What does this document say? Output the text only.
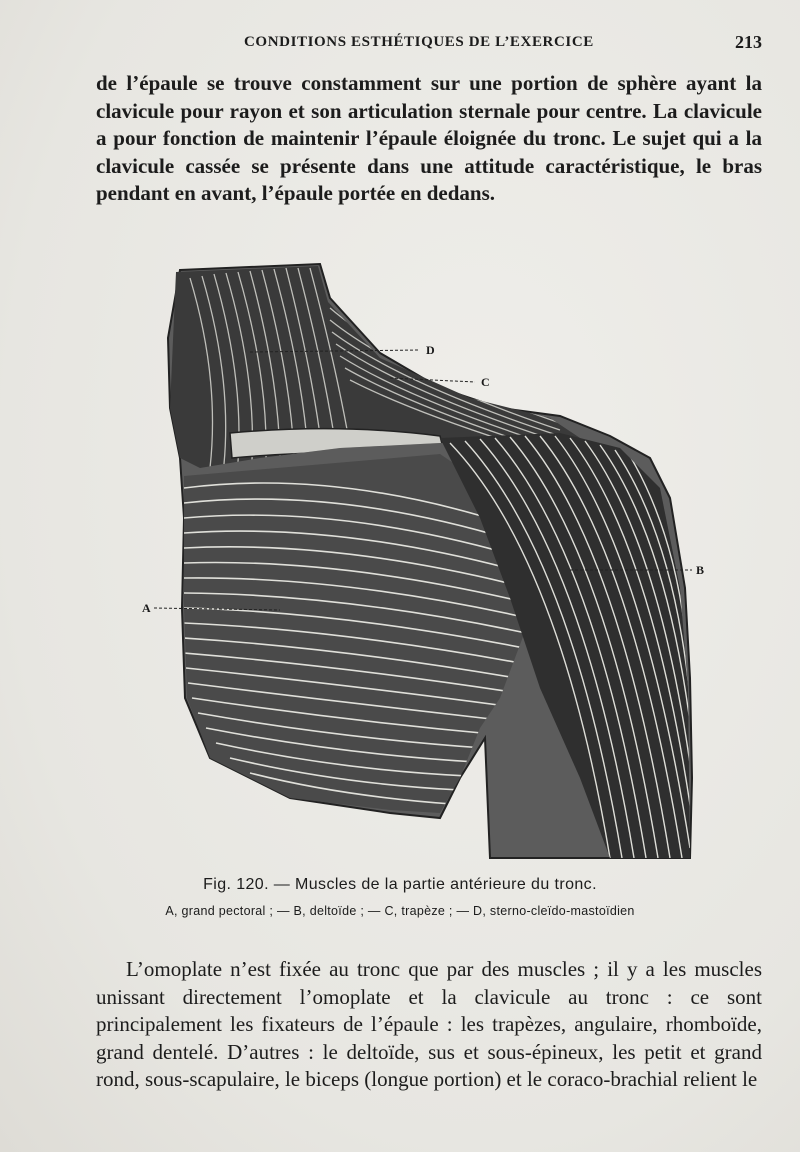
CONDITIONS ESTHÉTIQUES DE L’EXERCICE	213

de l’épaule se trouve constamment sur une portion de sphère ayant la clavicule pour rayon et son articulation sternale pour centre. La clavicule a pour fonction de maintenir l’épaule éloignée du tronc. Le sujet qui a la clavicule cassée se présente dans une attitude caractéristique, le bras pendant en avant, l’épaule portée en dedans.

D
C
B
A
Fig. 120. — Muscles de la partie antérieure du tronc.
A, grand pectoral ; — B, deltoïde ; — C, trapèze ; — D, sterno-cleïdo-mastoïdien

L’omoplate n’est fixée au tronc que par des muscles ; il y a les muscles unissant directement l’omoplate et la clavicule au tronc : ce sont principalement les fixateurs de l’épaule : les trapèzes, angulaire, rhomboïde, grand dentelé. D’autres : le deltoïde, sus et sous-épineux, les petit et grand rond, sous-scapulaire, le biceps (longue portion) et le coraco-brachial relient le
